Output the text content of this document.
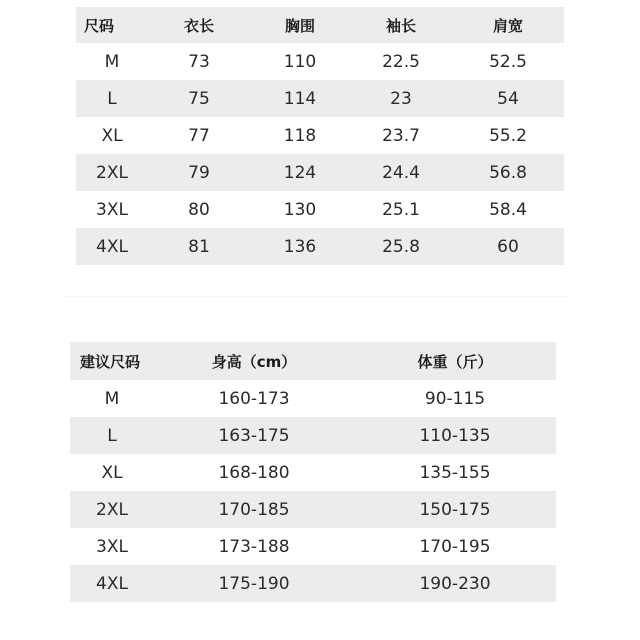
尺码	衣长	胸围	袖长	肩宽
M	73	110	22.5	52.5
L	75	114	23	54
XL	77	118	23.7	55.2
2XL	79	124	24.4	56.8
3XL	80	130	25.1	58.4
4XL	81	136	25.8	60
建议尺码	身高（cm）	体重（斤）
M	160-173	90-115
L	163-175	110-135
XL	168-180	135-155
2XL	170-185	150-175
3XL	173-188	170-195
4XL	175-190	190-230
